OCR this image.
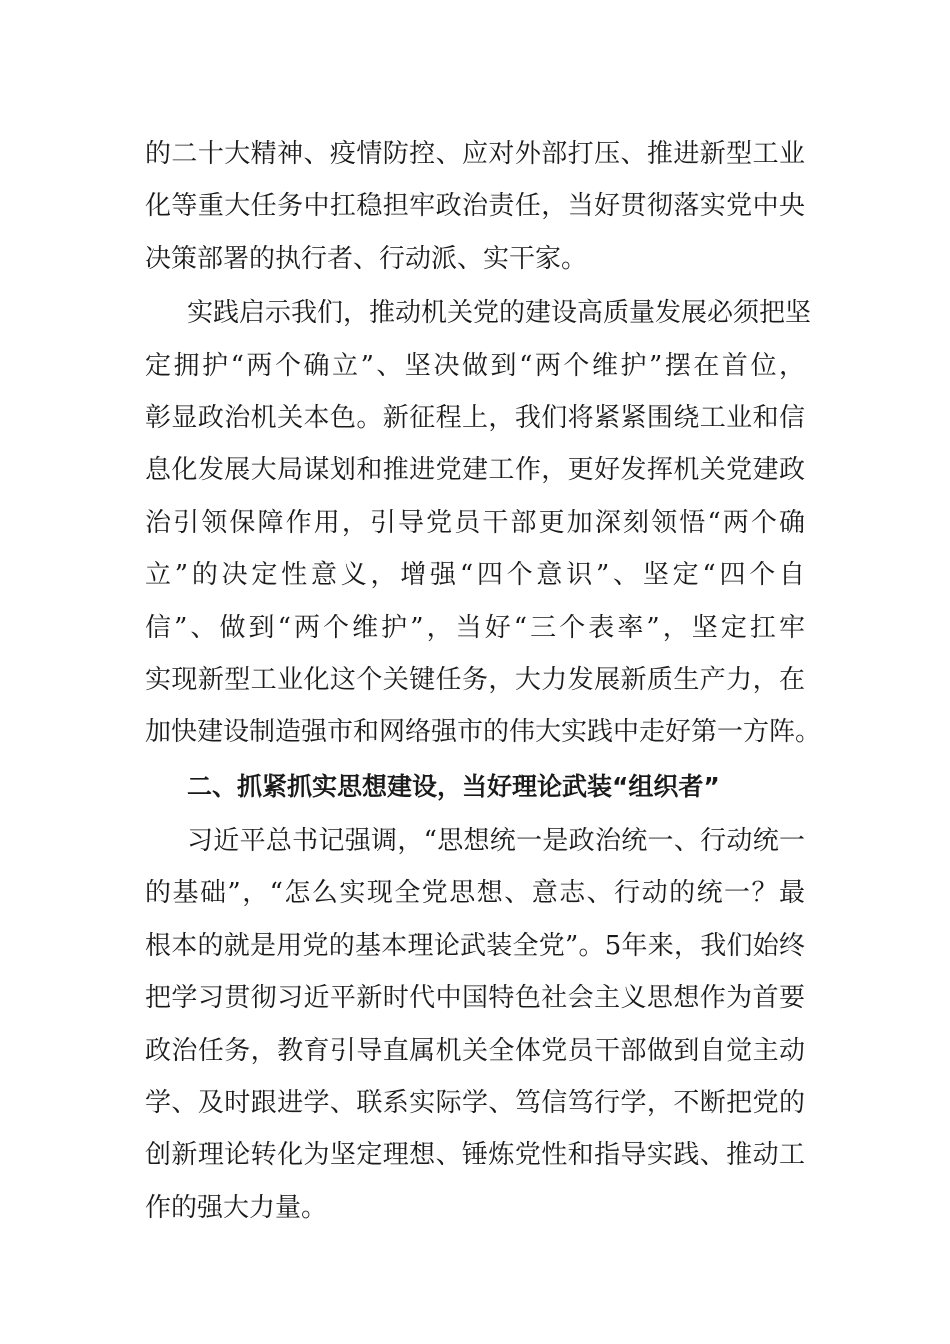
的二十大精神、疫情防控、应对外部打压、推进新型工业
化等重大任务中扛稳担牢政治责任，当好贯彻落实党中央
决策部署的执行者、行动派、实干家。
实践启示我们，推动机关党的建设高质量发展必须把坚
定拥护“两个确立”、坚决做到“两个维护”摆在首位，
彰显政治机关本色。新征程上，我们将紧紧围绕工业和信
息化发展大局谋划和推进党建工作，更好发挥机关党建政
治引领保障作用，引导党员干部更加深刻领悟“两个确
立”的决定性意义，增强“四个意识”、坚定“四个自
信”、做到“两个维护”，当好“三个表率”，坚定扛牢
实现新型工业化这个关键任务，大力发展新质生产力，在
加快建设制造强市和网络强市的伟大实践中走好第一方阵。
二、抓紧抓实思想建设，当好理论武装“组织者”
习近平总书记强调，“思想统一是政治统一、行动统一
的基础”，“怎么实现全党思想、意志、行动的统一？最
根本的就是用党的基本理论武装全党”。5年来，我们始终
把学习贯彻习近平新时代中国特色社会主义思想作为首要
政治任务，教育引导直属机关全体党员干部做到自觉主动
学、及时跟进学、联系实际学、笃信笃行学，不断把党的
创新理论转化为坚定理想、锤炼党性和指导实践、推动工
作的强大力量。
